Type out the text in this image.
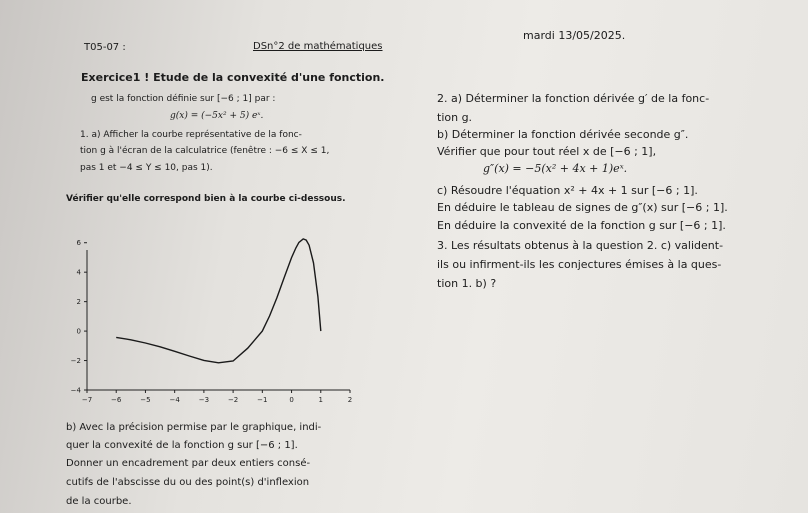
T05-07 :	DSn°2 de mathématiques
mardi 13/05/2025.
Exercice1 ! Etude de la convexité d'une fonction.
g est la fonction définie sur [−6 ; 1] par :
g(x) = (−5x² + 5) eˣ.
1. a) Afficher la courbe représentative de la fonc-
tion g à l'écran de la calculatrice (fenêtre : −6 ≤ X ≤ 1,
pas 1 et −4 ≤ Y ≤ 10, pas 1).
Vérifier qu'elle correspond bien à la courbe ci-dessous.
−7	−6	−5	−4	−3	−2	−1	0	1	2
−4
−2
0
2
4
6
b) Avec la précision permise par le graphique, indi-
quer la convexité de la fonction g sur [−6 ; 1].
Donner un encadrement par deux entiers consé-
cutifs de l'abscisse du ou des point(s) d'inflexion
de la courbe.
2. a) Déterminer la fonction dérivée g′ de la fonc-
tion g.
b) Déterminer la fonction dérivée seconde g″.
Vérifier que pour tout réel x de [−6 ; 1],
g″(x) = −5(x² + 4x + 1)eˣ.
c) Résoudre l'équation x² + 4x + 1 sur [−6 ; 1].
En déduire le tableau de signes de g″(x) sur [−6 ; 1].
En déduire la convexité de la fonction g sur [−6 ; 1].
3. Les résultats obtenus à la question 2. c) valident-
ils ou infirment-ils les conjectures émises à la ques-
tion 1. b) ?
